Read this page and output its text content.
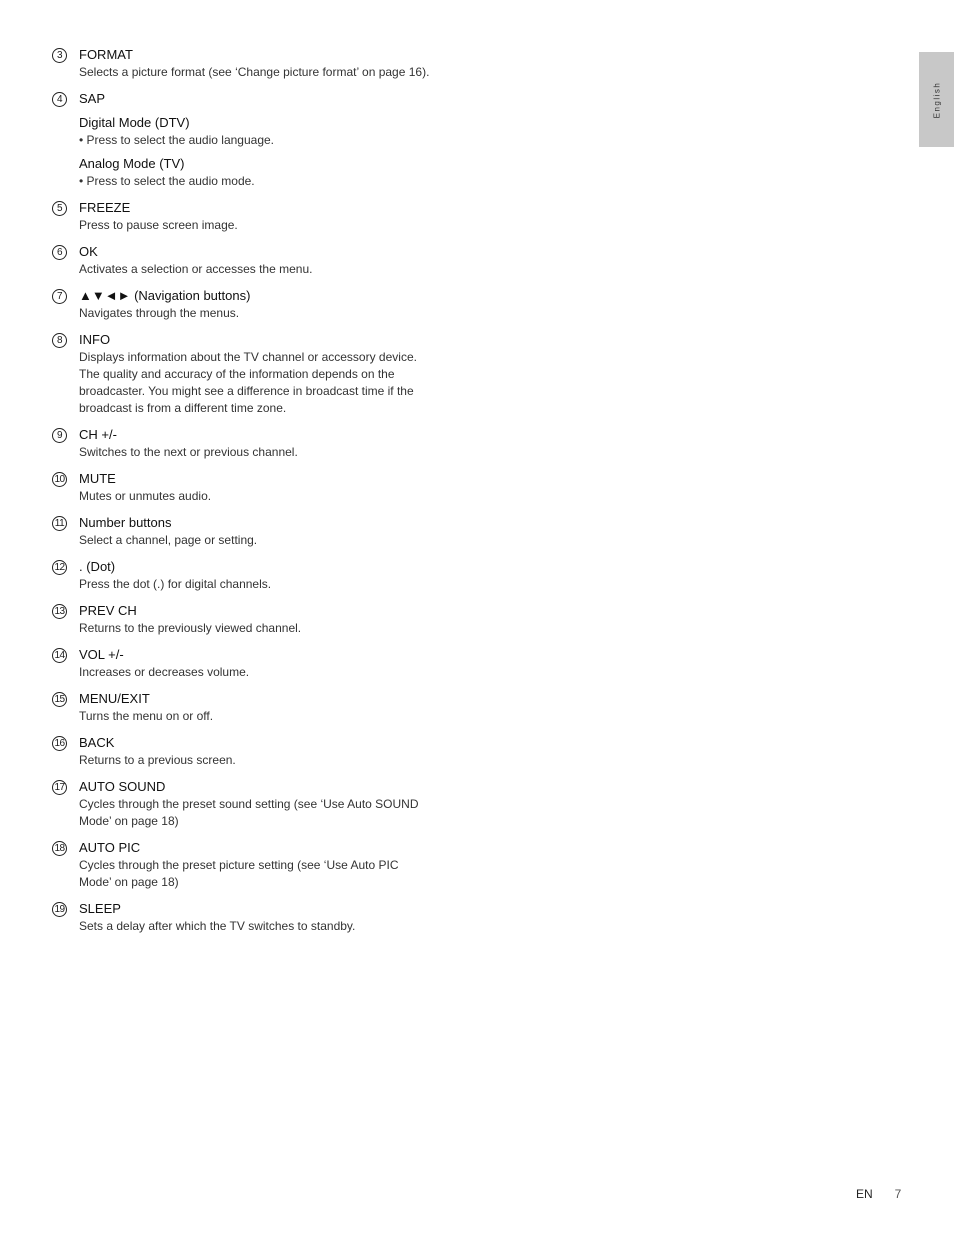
English
3	FORMAT
Selects a picture format (see ‘Change picture format’ on page 16).
4	SAP
Digital Mode (DTV)
• Press to select the audio language.
Analog Mode (TV)
• Press to select the audio mode.
5	FREEZE
Press to pause screen image.
6	OK
Activates a selection or accesses the menu.
7	▲▼◄► (Navigation buttons)
Navigates through the menus.
8	INFO
Displays information about the TV channel or accessory device.
The quality and accuracy of the information depends on the
broadcaster. You might see a difference in broadcast time if the
broadcast is from a different time zone.
9	CH +/-
Switches to the next or previous channel.
10 MUTE
Mutes or unmutes audio.
11 Number buttons
Select a channel, page or setting.
12 . (Dot)
Press the dot (.) for digital channels.
13 PREV CH
Returns to the previously viewed channel.
14 VOL +/-
Increases or decreases volume.
15 MENU/EXIT
Turns the menu on or off.
16 BACK
Returns to a previous screen.
17 AUTO SOUND
Cycles through the preset sound setting (see ‘Use Auto SOUND
Mode’ on page 18)
18 AUTO PIC
Cycles through the preset picture setting (see ‘Use Auto PIC
Mode’ on page 18)
19 SLEEP
Sets a delay after which the TV switches to standby.
EN 7
